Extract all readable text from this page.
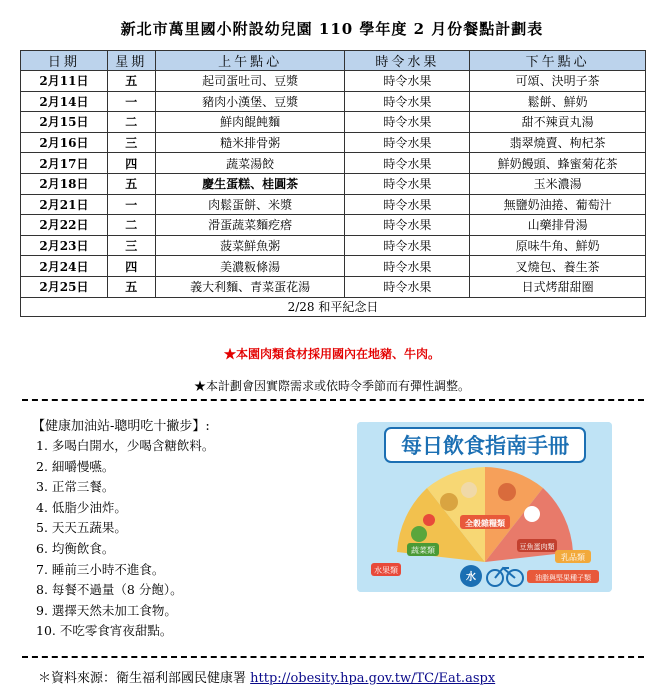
新北市萬里國小附設幼兒園 110 學年度 2 月份餐點計劃表
日期	星期	上午點心	時令水果	下午點心
2月11日	五	起司蛋吐司、豆漿	時令水果	可頌、決明子茶
2月14日	一	豬肉小漢堡、豆漿	時令水果	鬆餅、鮮奶
2月15日	二	鮮肉餛飩麵	時令水果	甜不辣貢丸湯
2月16日	三	糙米排骨粥	時令水果	翡翠燒賣、枸杞茶
2月17日	四	蔬菜湯餃	時令水果	鮮奶饅頭、蜂蜜菊花茶
2月18日	五	慶生蛋糕、桂圓茶	時令水果	玉米濃湯
2月21日	一	肉鬆蛋餅、米漿	時令水果	無鹽奶油捲、葡萄汁
2月22日	二	滑蛋蔬菜麵疙瘩	時令水果	山藥排骨湯
2月23日	三	菠菜鮮魚粥	時令水果	原味牛角、鮮奶
2月24日	四	美濃粄條湯	時令水果	叉燒包、養生茶
2月25日	五	義大利麵、青菜蛋花湯	時令水果	日式烤甜甜圈
2/28 和平紀念日				
★本園肉類食材採用國內在地豬、牛肉。
★本計劃會因實際需求或依時令季節而有彈性調整。
【健康加油站-聰明吃十撇步】:
1. 多喝白開水，少喝含糖飲料。
2. 細嚼慢嚥。
3. 正常三餐。
4. 低脂少油炸。
5. 天天五蔬果。
6. 均衡飲食。
7. 睡前三小時不進食。
8. 每餐不過量（8 分飽）。
9. 選擇天然未加工食物。
10. 不吃零食宵夜甜點。
每日飲食指南手冊
全穀雜糧類
蔬菜類
水果類
豆魚蛋肉類
乳品類
油脂與堅果種子類
水
＊資料來源：衛生福利部國民健康署 http://obesity.hpa.gov.tw/TC/Eat.aspx
